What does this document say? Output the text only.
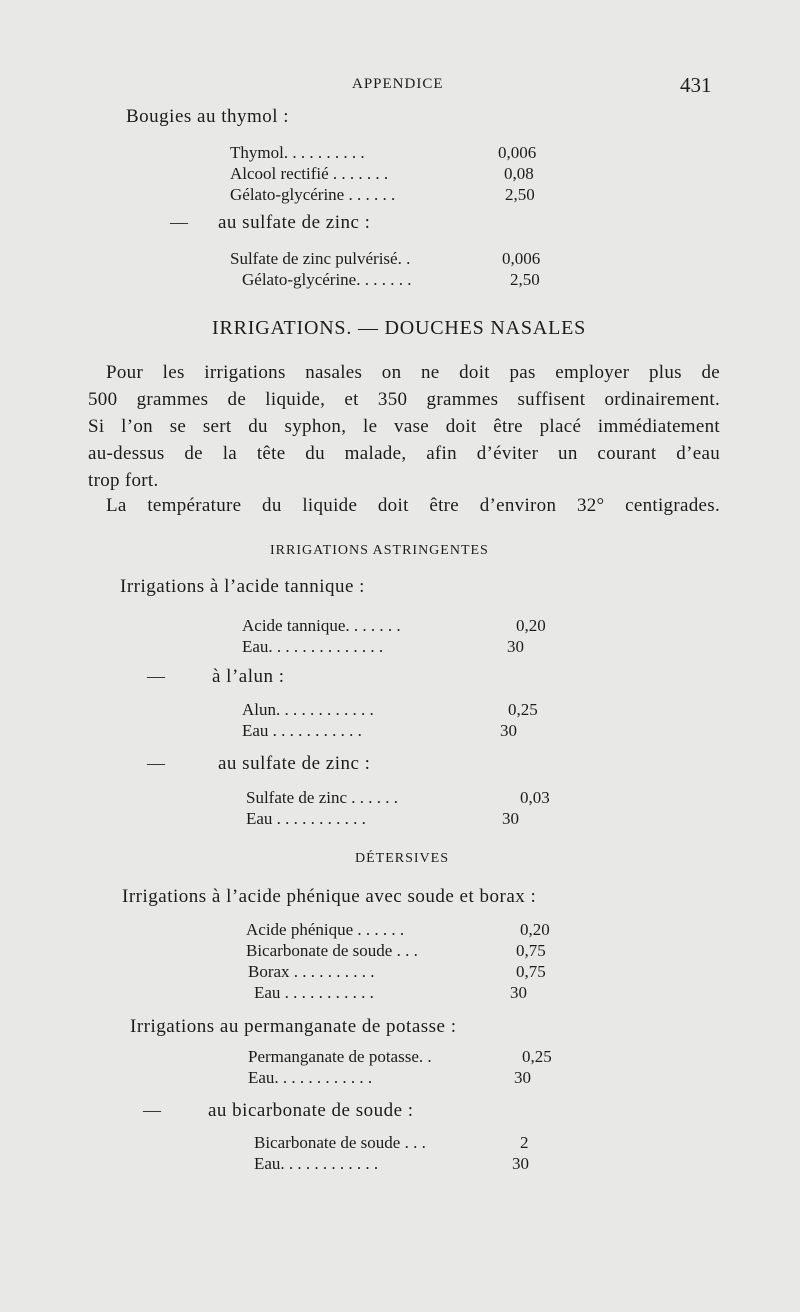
APPENDICE	431
Bougies au thymol :
Thymol. . . . . . . . . .	0,006
Alcool rectifié . . . . . . .	0,08
Gélato-glycérine . . . . . .	2,50
— au sulfate de zinc :
Sulfate de zinc pulvérisé. .	0,006
Gélato-glycérine. . . . . . .	2,50
IRRIGATIONS. — DOUCHES NASALES
Pour les irrigations nasales on ne doit pas employer plus de
500 grammes de liquide, et 350 grammes suffisent ordinairement.
Si l’on se sert du syphon, le vase doit être placé immédiatement
au-dessus de la tête du malade, afin d’éviter un courant d’eau
trop fort.
La température du liquide doit être d’environ 32° centigrades.
IRRIGATIONS ASTRINGENTES
Irrigations à l’acide tannique :
Acide tannique. . . . . . .	0,20
Eau. . . . . . . . . . . . . .	30
— à l’alun :
Alun. . . . . . . . . . . .	0,25
Eau . . . . . . . . . . .	30
—	au sulfate de zinc :
Sulfate de zinc . . . . . .	0,03
Eau . . . . . . . . . . .	30
DÉTERSIVES
Irrigations à l’acide phénique avec soude et borax :
Acide phénique . . . . . .	0,20
Bicarbonate de soude . . .	0,75
Borax . . . . . . . . . .	0,75
Eau . . . . . . . . . . .	30
Irrigations au permanganate de potasse :
Permanganate de potasse. .	0,25
Eau. . . . . . . . . . . .	30
— au bicarbonate de soude :
Bicarbonate de soude . . .	2
Eau. . . . . . . . . . . .	30
